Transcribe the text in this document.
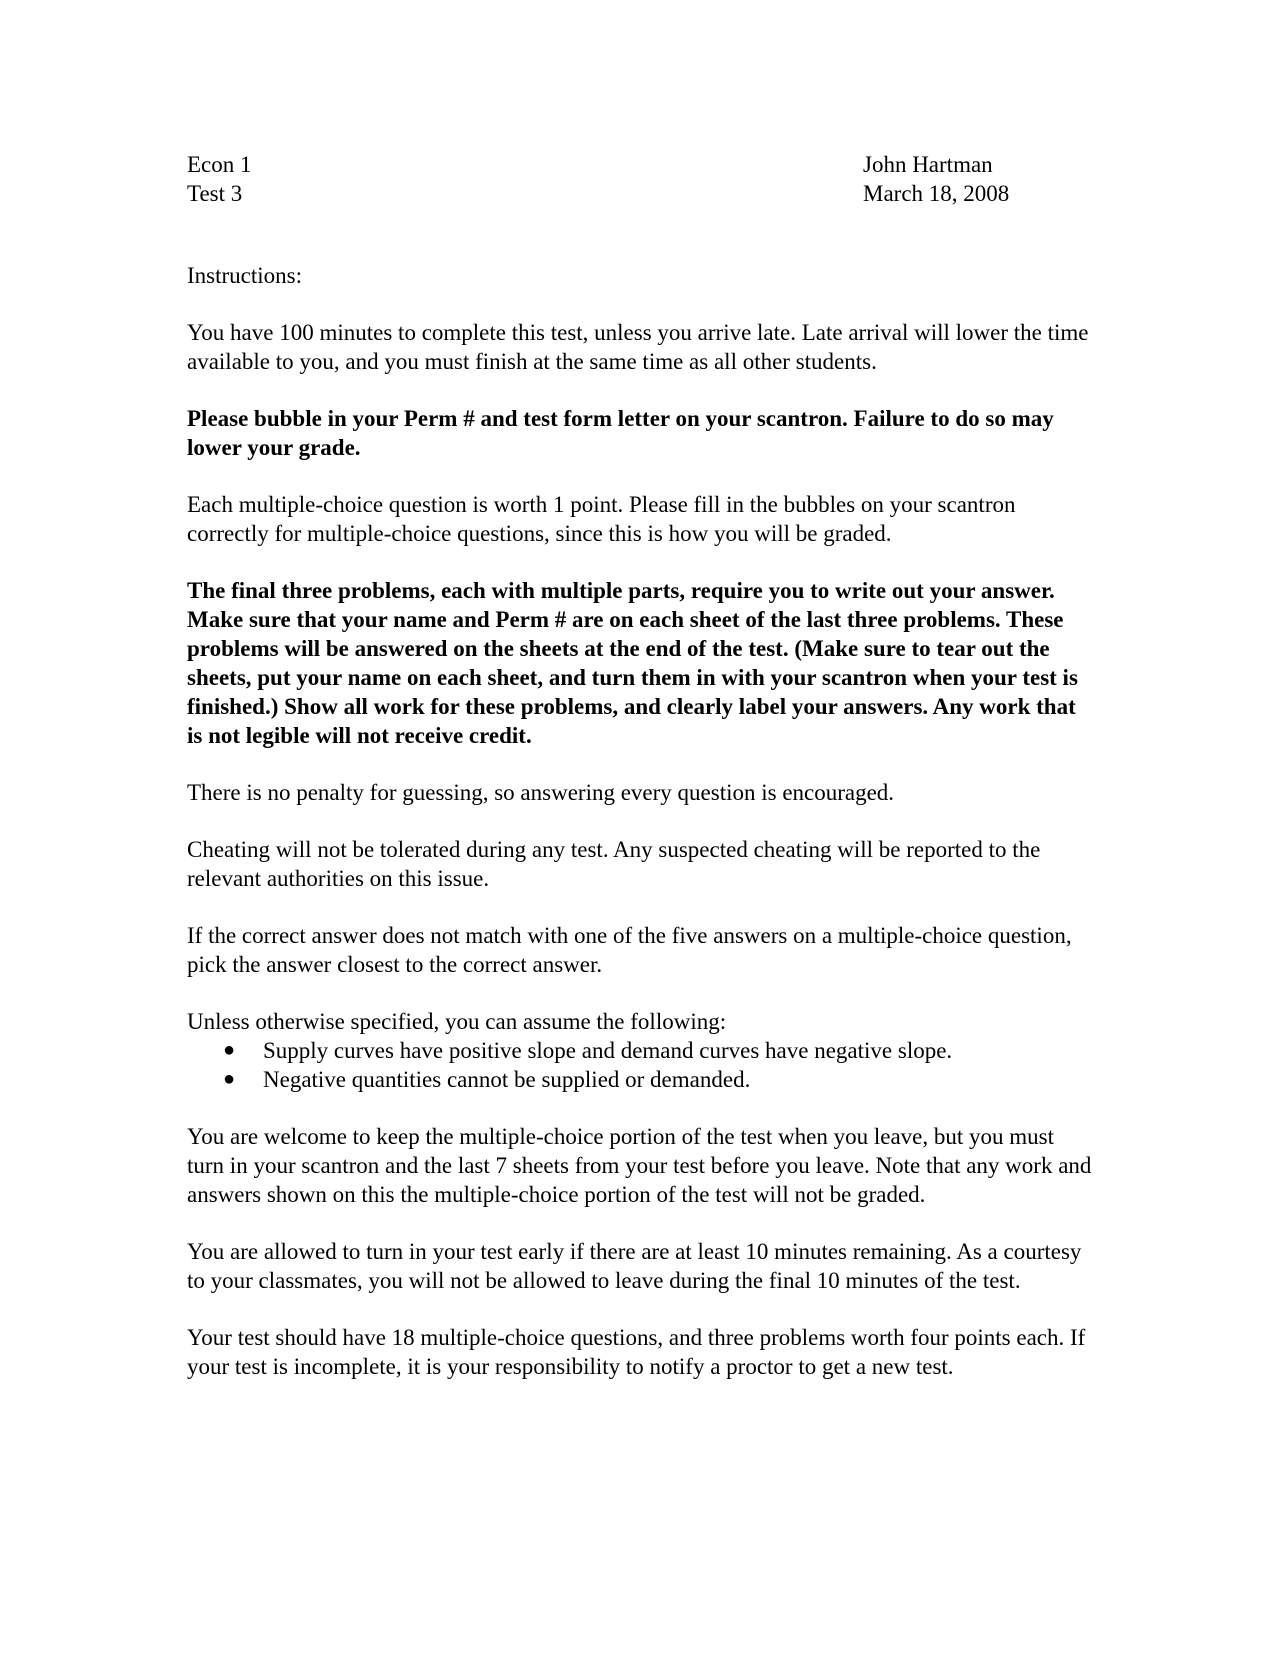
Econ 1
Test 3
John Hartman
March 18, 2008

Instructions:

You have 100 minutes to complete this test, unless you arrive late. Late arrival will lower the time available to you, and you must finish at the same time as all other students.

Please bubble in your Perm # and test form letter on your scantron. Failure to do so may lower your grade.

Each multiple-choice question is worth 1 point. Please fill in the bubbles on your scantron correctly for multiple-choice questions, since this is how you will be graded.

The final three problems, each with multiple parts, require you to write out your answer. Make sure that your name and Perm # are on each sheet of the last three problems. These problems will be answered on the sheets at the end of the test. (Make sure to tear out the sheets, put your name on each sheet, and turn them in with your scantron when your test is finished.) Show all work for these problems, and clearly label your answers. Any work that is not legible will not receive credit.

There is no penalty for guessing, so answering every question is encouraged.

Cheating will not be tolerated during any test. Any suspected cheating will be reported to the relevant authorities on this issue.

If the correct answer does not match with one of the five answers on a multiple-choice question, pick the answer closest to the correct answer.

Unless otherwise specified, you can assume the following:

● Supply curves have positive slope and demand curves have negative slope.
● Negative quantities cannot be supplied or demanded.

You are welcome to keep the multiple-choice portion of the test when you leave, but you must turn in your scantron and the last 7 sheets from your test before you leave. Note that any work and answers shown on this the multiple-choice portion of the test will not be graded.

You are allowed to turn in your test early if there are at least 10 minutes remaining. As a courtesy to your classmates, you will not be allowed to leave during the final 10 minutes of the test.

Your test should have 18 multiple-choice questions, and three problems worth four points each. If your test is incomplete, it is your responsibility to notify a proctor to get a new test.
